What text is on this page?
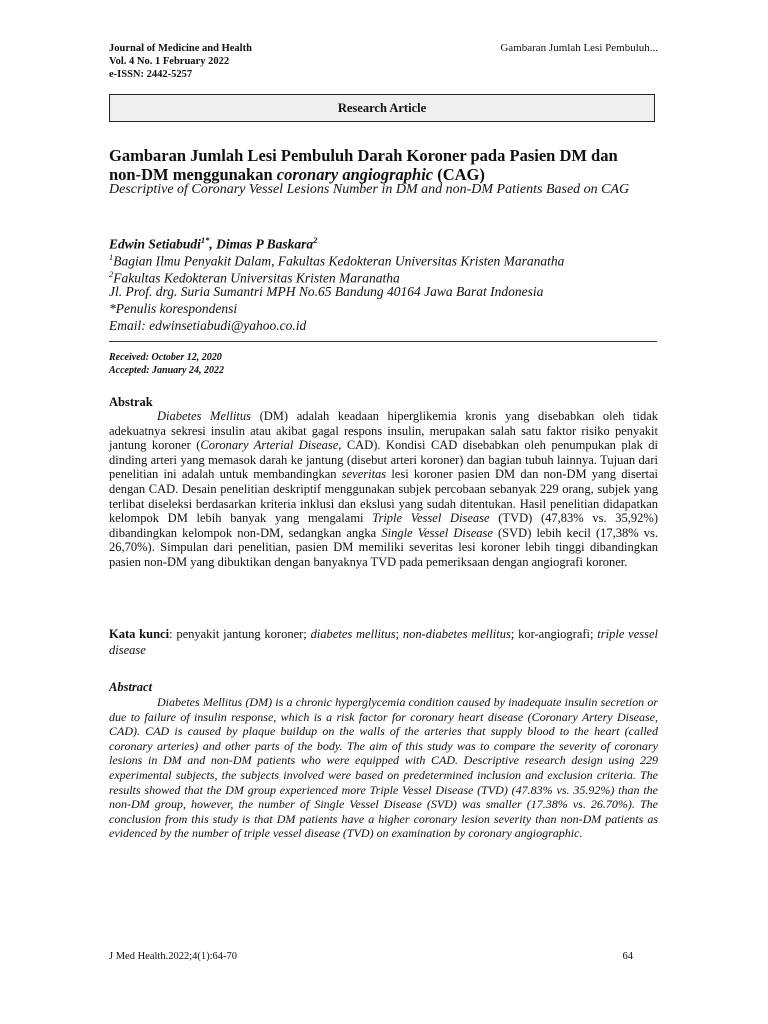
Journal of Medicine and Health
Vol. 4 No. 1 February 2022
e-ISSN: 2442-5257
Gambaran Jumlah Lesi Pembuluh...
Research Article
Gambaran Jumlah Lesi Pembuluh Darah Koroner pada Pasien DM dan
non-DM menggunakan coronary angiographic (CAG)
Descriptive of Coronary Vessel Lesions Number in DM and non-DM Patients Based on CAG
Edwin Setiabudi$^{1*}$, Dimas P Baskara$^2$
$^1$Bagian Ilmu Penyakit Dalam, Fakultas Kedokteran Universitas Kristen Maranatha
$^2$Fakultas Kedokteran Universitas Kristen Maranatha
Jl. Prof. drg. Suria Sumantri MPH No.65 Bandung 40164 Jawa Barat Indonesia
*Penulis korespondensi
Email: edwinsetiabudi@yahoo.co.id
Received: October 12, 2020
Accepted: January 24, 2022
Abstrak
Diabetes Mellitus (DM) adalah keadaan hiperglikemia kronis yang disebabkan oleh tidak adekuatnya sekresi insulin atau akibat gagal respons insulin, merupakan salah satu faktor risiko penyakit jantung koroner (Coronary Arterial Disease, CAD). Kondisi CAD disebabkan oleh penumpukan plak di dinding arteri yang memasok darah ke jantung (disebut arteri koroner) dan bagian tubuh lainnya. Tujuan dari penelitian ini adalah untuk membandingkan severitas lesi koroner pasien DM dan non-DM yang disertai dengan CAD. Desain penelitian deskriptif menggunakan subjek percobaan sebanyak 229 orang, subjek yang terlibat diseleksi berdasarkan kriteria inklusi dan ekslusi yang sudah ditentukan. Hasil penelitian didapatkan kelompok DM lebih banyak yang mengalami Triple Vessel Disease (TVD) (47,83% vs. 35,92%) dibandingkan kelompok non-DM, sedangkan angka Single Vessel Disease (SVD) lebih kecil (17,38% vs. 26,70%). Simpulan dari penelitian, pasien DM memiliki severitas lesi koroner lebih tinggi dibandingkan pasien non-DM yang dibuktikan dengan banyaknya TVD pada pemeriksaan dengan angiografi koroner.
Kata kunci: penyakit jantung koroner; diabetes mellitus; non-diabetes mellitus; kor-angiografi; triple vessel disease
Abstract
Diabetes Mellitus (DM) is a chronic hyperglycemia condition caused by inadequate insulin secretion or due to failure of insulin response, which is a risk factor for coronary heart disease (Coronary Artery Disease, CAD). CAD is caused by plaque buildup on the walls of the arteries that supply blood to the heart (called coronary arteries) and other parts of the body. The aim of this study was to compare the severity of coronary lesions in DM and non-DM patients who were equipped with CAD. Descriptive research design using 229 experimental subjects, the subjects involved were based on predetermined inclusion and exclusion criteria. The results showed that the DM group experienced more Triple Vessel Disease (TVD) (47.83% vs. 35.92%) than the non-DM group, however, the number of Single Vessel Disease (SVD) was smaller (17.38% vs. 26.70%). The conclusion from this study is that DM patients have a higher coronary lesion severity than non-DM patients as evidenced by the number of triple vessel disease (TVD) on examination by coronary angiographic.
J Med Health.2022;4(1):64-70	64
